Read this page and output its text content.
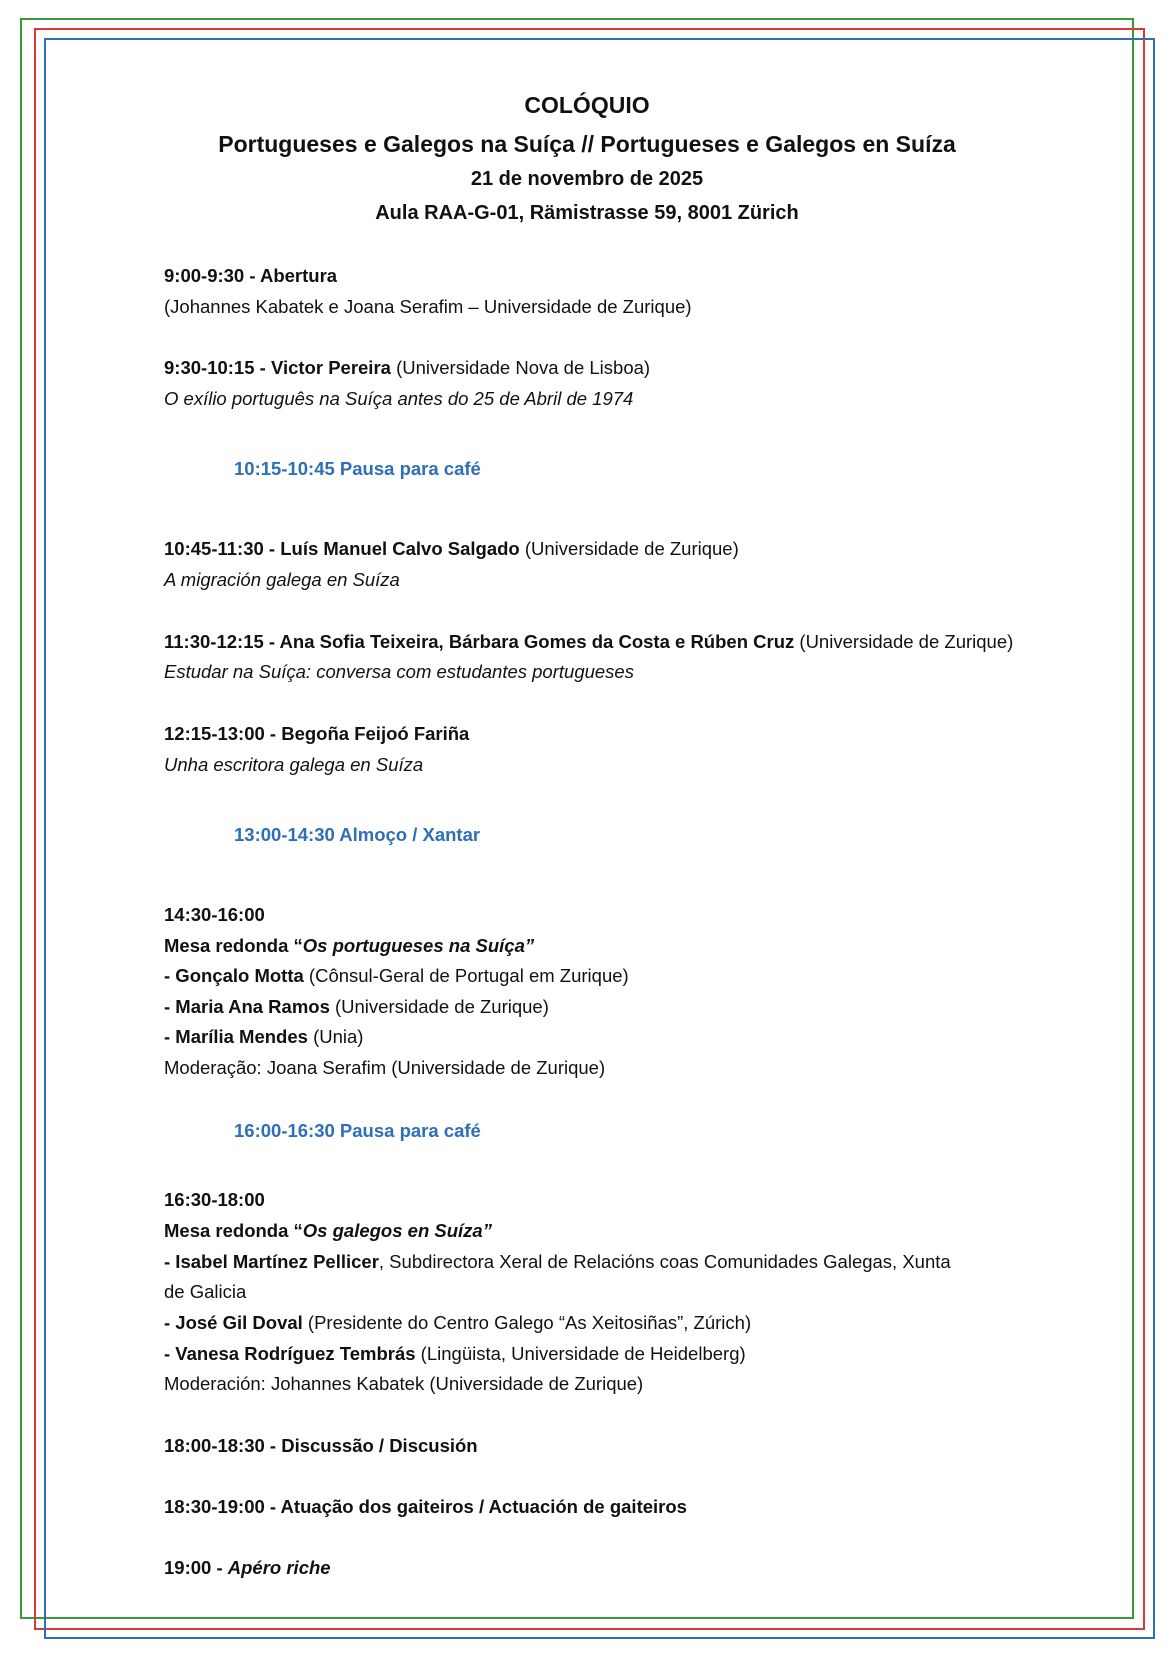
COLÓQUIO
Portugueses e Galegos na Suíça // Portugueses e Galegos en Suíza
21 de novembro de 2025
Aula RAA-G-01, Rämistrasse 59, 8001 Zürich
9:00-9:30 - Abertura
(Johannes Kabatek e Joana Serafim – Universidade de Zurique)
9:30-10:15 - Victor Pereira (Universidade Nova de Lisboa)
O exílio português na Suíça antes do 25 de Abril de 1974
10:15-10:45 Pausa para café
10:45-11:30 - Luís Manuel Calvo Salgado (Universidade de Zurique)
A migración galega en Suíza
11:30-12:15 - Ana Sofia Teixeira, Bárbara Gomes da Costa e Rúben Cruz (Universidade de Zurique)
Estudar na Suíça: conversa com estudantes portugueses
12:15-13:00 - Begoña Feijoó Fariña
Unha escritora galega en Suíza
13:00-14:30 Almoço / Xantar
14:30-16:00
Mesa redonda “Os portugueses na Suíça”
- Gonçalo Motta (Cônsul-Geral de Portugal em Zurique)
- Maria Ana Ramos (Universidade de Zurique)
- Marília Mendes (Unia)
Moderação: Joana Serafim (Universidade de Zurique)
16:00-16:30 Pausa para café
16:30-18:00
Mesa redonda “Os galegos en Suíza”
- Isabel Martínez Pellicer, Subdirectora Xeral de Relacións coas Comunidades Galegas, Xunta
de Galicia
- José Gil Doval (Presidente do Centro Galego “As Xeitosiñas”, Zúrich)
- Vanesa Rodríguez Tembrás (Lingüista, Universidade de Heidelberg)
Moderación: Johannes Kabatek (Universidade de Zurique)
18:00-18:30 - Discussão / Discusión
18:30-19:00 - Atuação dos gaiteiros / Actuación de gaiteiros
19:00 - Apéro riche
